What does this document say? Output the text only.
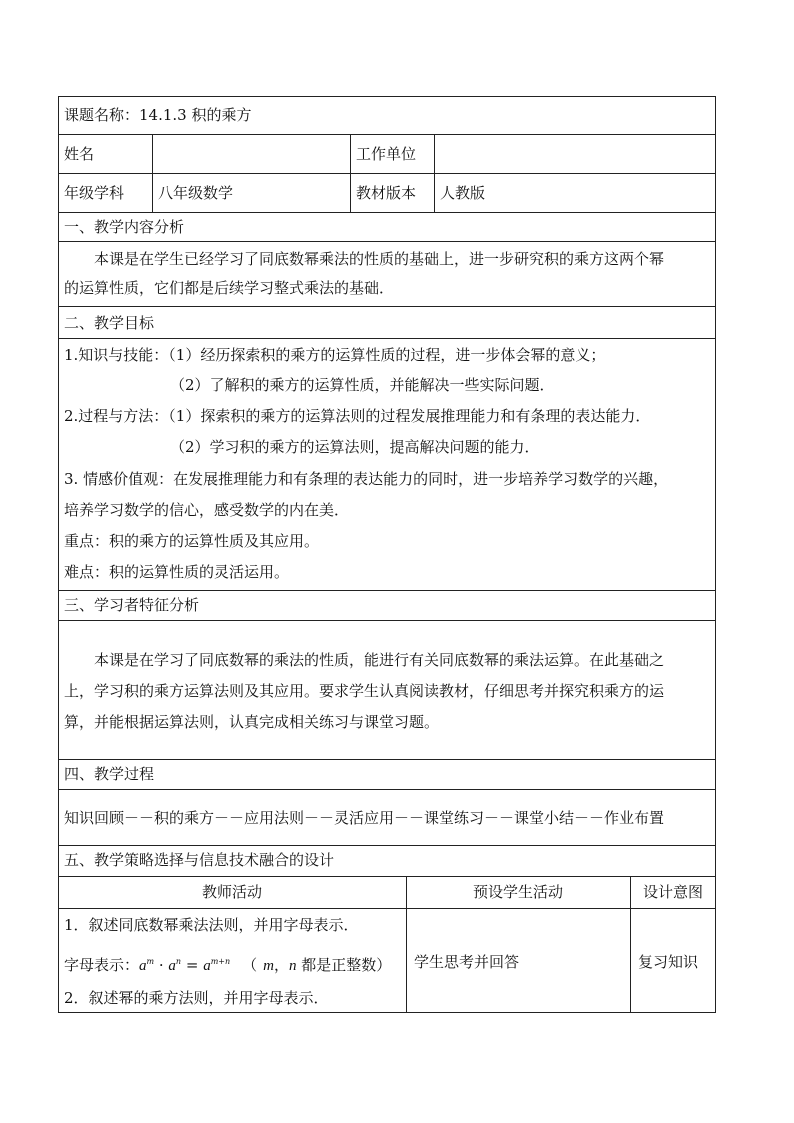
课题名称：14.1.3 积的乘方
姓名	工作单位
年级学科 八年级数学	教材版本 人教版
一、教学内容分析
本课是在学生已经学习了同底数幂乘法的性质的基础上，进一步研究积的乘方这两个幂
的运算性质，它们都是后续学习整式乘法的基础．
二、教学目标
1.知识与技能：（1）经历探索积的乘方的运算性质的过程，进一步体会幂的意义；
（2）了解积的乘方的运算性质，并能解决一些实际问题．
2.过程与方法：（1）探索积的乘方的运算法则的过程发展推理能力和有条理的表达能力．
（2）学习积的乘方的运算法则，提高解决问题的能力．
3. 情感价值观：在发展推理能力和有条理的表达能力的同时，进一步培养学习数学的兴趣，
培养学习数学的信心，感受数学的内在美．
重点：积的乘方的运算性质及其应用。
难点：积的运算性质的灵活运用。
三、学习者特征分析
本课是在学习了同底数幂的乘法的性质，能进行有关同底数幂的乘法运算。在此基础之
上，学习积的乘方运算法则及其应用。要求学生认真阅读教材，仔细思考并探究积乘方的运
算，并能根据运算法则，认真完成相关练习与课堂习题。
四、教学过程
知识回顾－－积的乘方－－应用法则－－灵活应用－－课堂练习－－课堂小结－－作业布置
五、教学策略选择与信息技术融合的设计
教师活动	预设学生活动	设计意图
1．叙述同底数幂乘法法则，并用字母表示．
字母表示：$a^m \cdot a^n = a^{m+n}$ （ m，n 都是正整数）
2．叙述幂的乘方法则，并用字母表示．
学生思考并回答	复习知识
